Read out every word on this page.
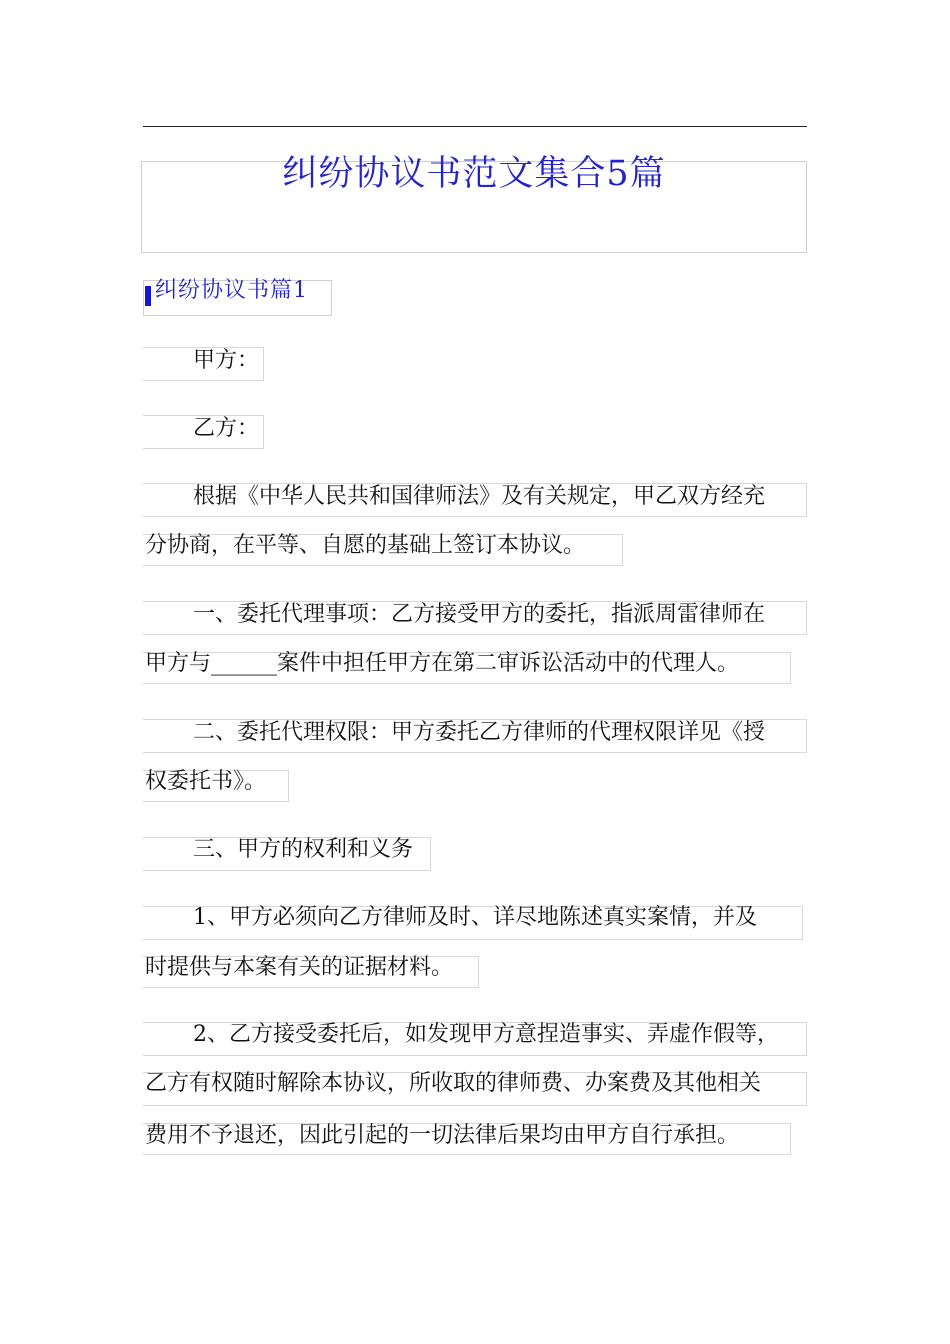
纠纷协议书范文集合5篇
纠纷协议书篇1
甲方：
乙方：
根据《中华人民共和国律师法》及有关规定，甲乙双方经充
分协商，在平等、自愿的基础上签订本协议。
一、委托代理事项：乙方接受甲方的委托，指派周雷律师在
甲方与______案件中担任甲方在第二审诉讼活动中的代理人。
二、委托代理权限：甲方委托乙方律师的代理权限详见《授
权委托书》。
三、甲方的权利和义务
1、甲方必须向乙方律师及时、详尽地陈述真实案情，并及
时提供与本案有关的证据材料。
2、乙方接受委托后，如发现甲方意捏造事实、弄虚作假等，
乙方有权随时解除本协议，所收取的律师费、办案费及其他相关
费用不予退还，因此引起的一切法律后果均由甲方自行承担。
